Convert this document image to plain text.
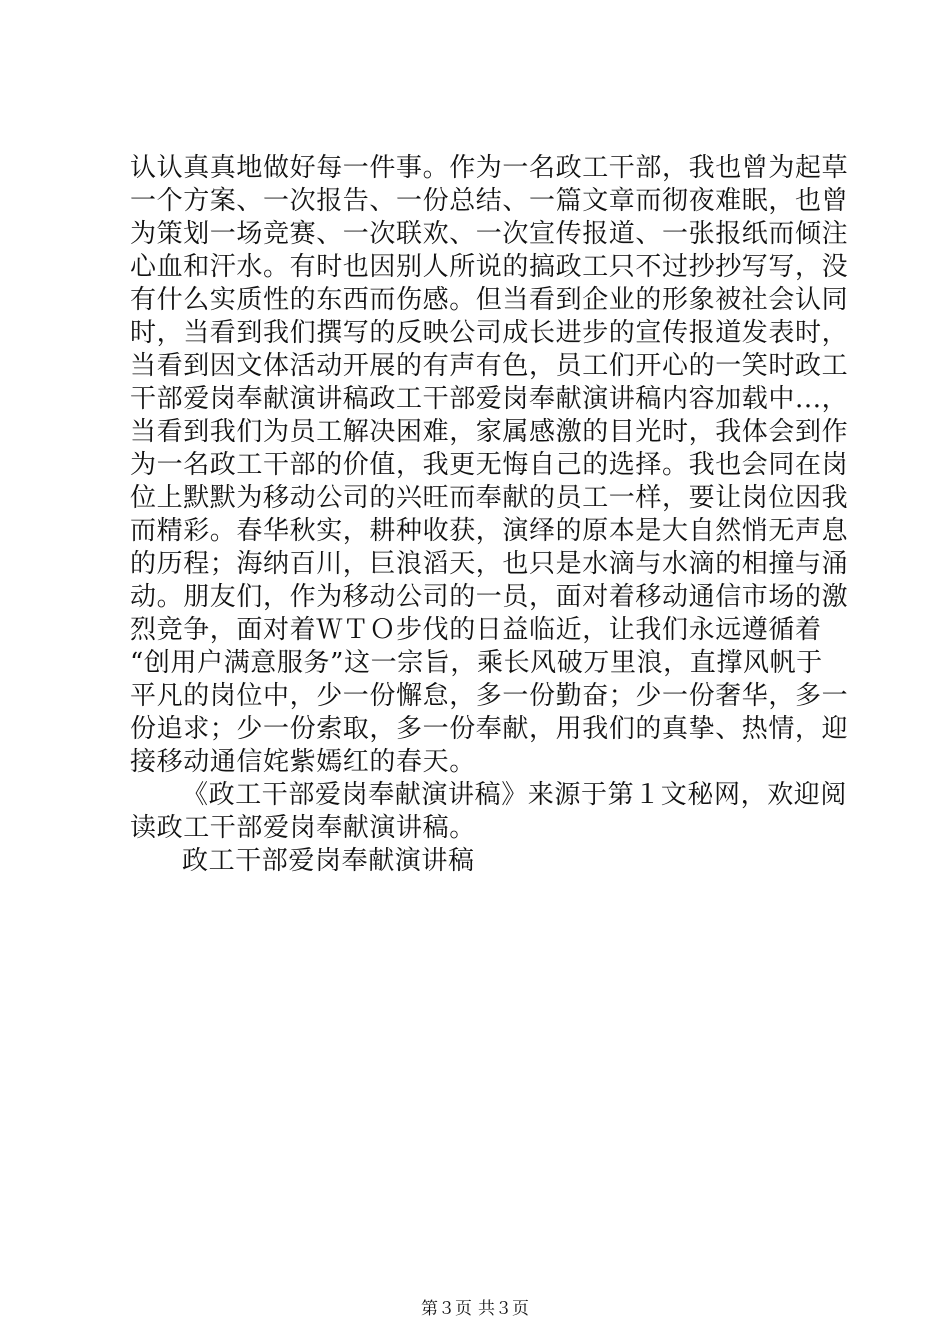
认认真真地做好每一件事。作为一名政工干部，我也曾为起草
一个方案、一次报告、一份总结、一篇文章而彻夜难眠，也曾
为策划一场竞赛、一次联欢、一次宣传报道、一张报纸而倾注
心血和汗水。有时也因别人所说的搞政工只不过抄抄写写，没
有什么实质性的东西而伤感。但当看到企业的形象被社会认同
时，当看到我们撰写的反映公司成长进步的宣传报道发表时，
当看到因文体活动开展的有声有色，员工们开心的一笑时政工
干部爱岗奉献演讲稿政工干部爱岗奉献演讲稿内容加载中...，
当看到我们为员工解决困难，家属感激的目光时，我体会到作
为一名政工干部的价值，我更无悔自己的选择。我也会同在岗
位上默默为移动公司的兴旺而奉献的员工一样，要让岗位因我
而精彩。春华秋实，耕种收获，演绎的原本是大自然悄无声息
的历程；海纳百川，巨浪滔天，也只是水滴与水滴的相撞与涌
动。朋友们，作为移动公司的一员，面对着移动通信市场的激
烈竞争，面对着ＷＴＯ步伐的日益临近，让我们永远遵循着
“创用户满意服务”这一宗旨，乘长风破万里浪，直撑风帆于
平凡的岗位中，少一份懈怠，多一份勤奋；少一份奢华，多一
份追求；少一份索取，多一份奉献，用我们的真挚、热情，迎
接移动通信姹紫嫣红的春天。
《政工干部爱岗奉献演讲稿》来源于第１文秘网，欢迎阅
读政工干部爱岗奉献演讲稿。
政工干部爱岗奉献演讲稿
第３页 共３页
